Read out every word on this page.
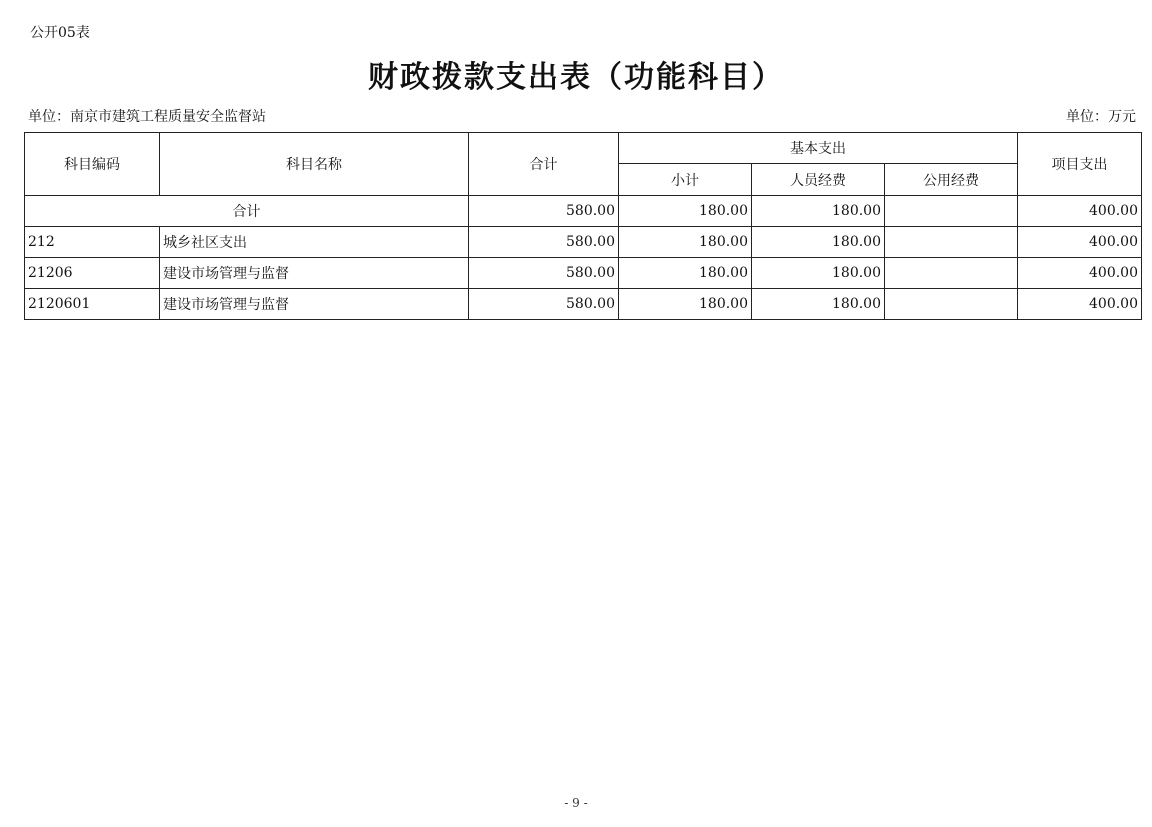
公开05表
财政拨款支出表（功能科目）
单位：南京市建筑工程质量安全监督站	单位：万元
科目编码	科目名称	合计	基本支出			项目支出
			小计	人员经费	公用经费	
合计		580.00	180.00	180.00		400.00
212	城乡社区支出	580.00	180.00	180.00		400.00
21206	建设市场管理与监督	580.00	180.00	180.00		400.00
2120601	建设市场管理与监督	580.00	180.00	180.00		400.00
- 9 -
